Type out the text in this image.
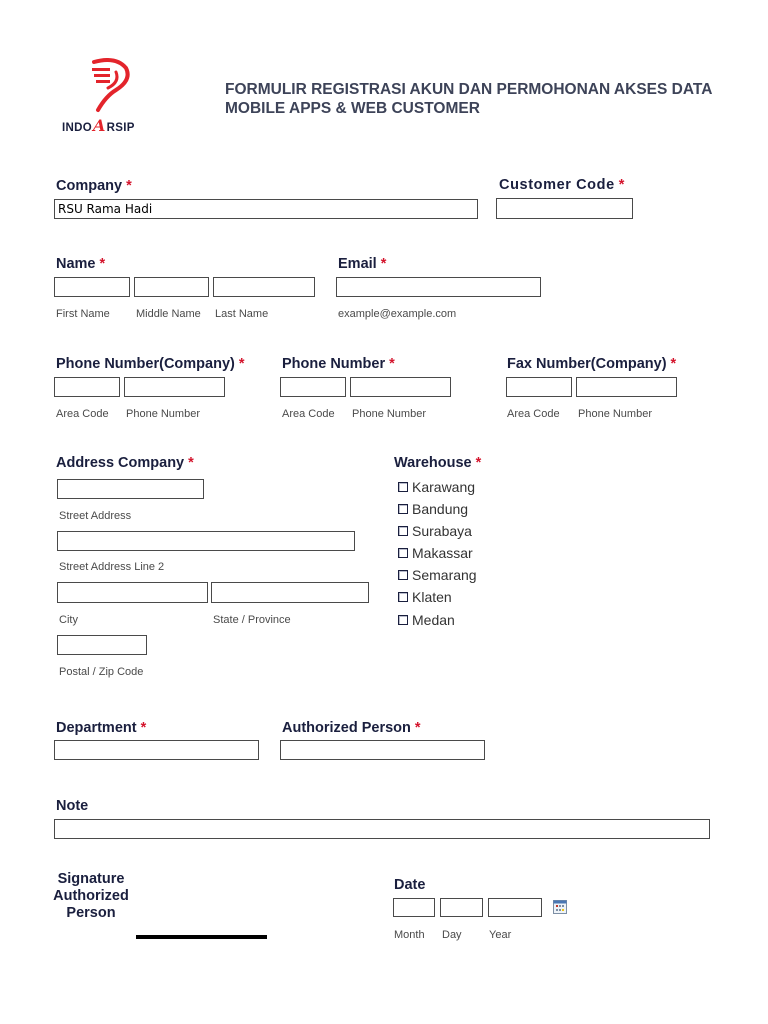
INDOARSIP
FORMULIR REGISTRASI AKUN DAN PERMOHONAN AKSES DATA
MOBILE APPS & WEB CUSTOMER
Company *
RSU Rama Hadi
Customer Code *
Name *
First Name Middle Name Last Name
Email *
example@example.com
Phone Number(Company) *
Area Code Phone Number
Phone Number *
Area Code Phone Number
Fax Number(Company) *
Area Code Phone Number
Address Company *
Street Address
Street Address Line 2
City	State / Province
Postal / Zip Code
Warehouse *
Karawang
Bandung
Surabaya
Makassar
Semarang
Klaten
Medan
Department *	Authorized Person *
Note
Signature
Authorized
Person
Date
Month Day Year
